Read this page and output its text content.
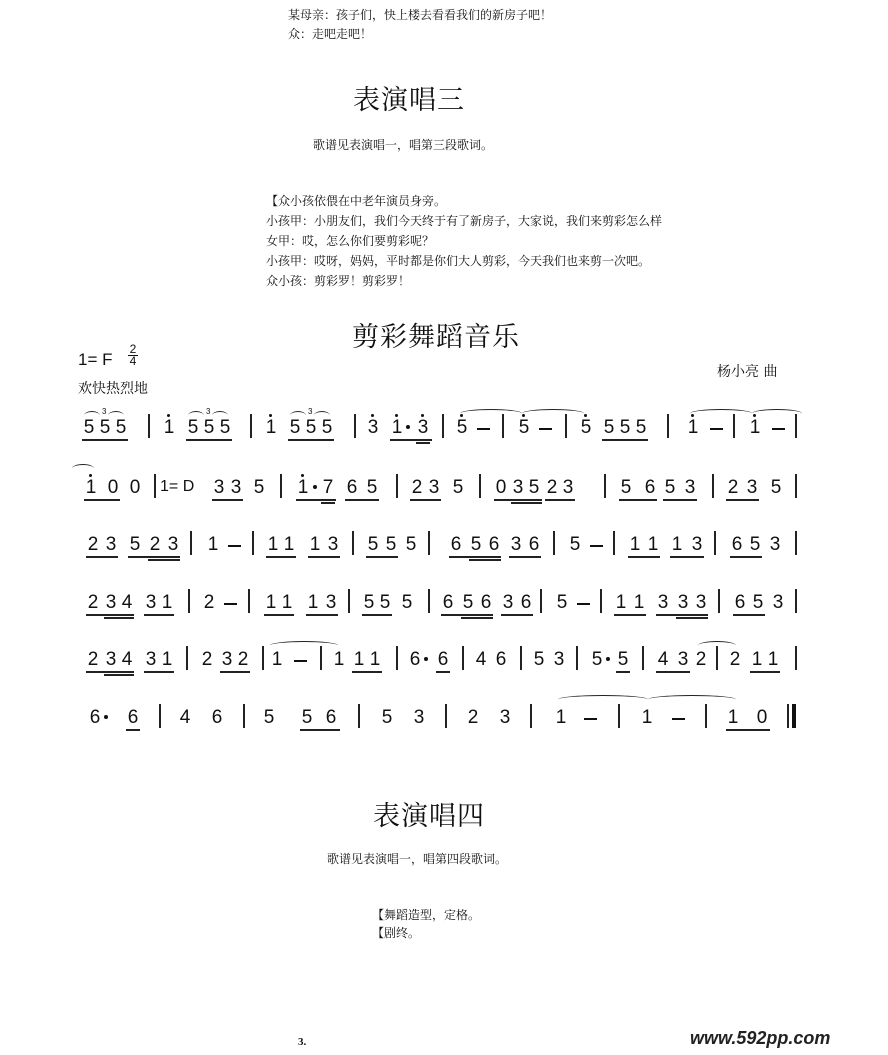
某母亲：孩子们，快上楼去看看我们的新房子吧！
众：走吧走吧！
表演唱三
歌谱见表演唱一，唱第三段歌词。
【众小孩依偎在中老年演员身旁。
小孩甲：小朋友们，我们今天终于有了新房子，大家说，我们来剪彩怎么样
女甲：哎，怎么你们要剪彩呢？
小孩甲：哎呀，妈妈，平时都是你们大人剪彩，今天我们也来剪一次吧。
众小孩：剪彩罗！剪彩罗！
剪彩舞蹈音乐
1= F
2
4
欢快热烈地
杨小亮 曲
3
5 5 5 1
3
5 5 5 1
3
5 5 5 3 1 3 5	5	5 5 5 5 1	1
1 0 0 1= D 3 3 5 1 7 6 5 2 3 5 0 3 5 2 3 5 6 5 3 2 3 5
2 3 5 2 3 1	1 1 1 3 5 5 5 6 5 6 3 6 5	1 1 1 3 6 5 3
2 3 4 3 1 2	1 1 1 3 5 5 5 6 5 6 3 6 5	1 1 3 3 3 6 5 3
2 3 4 3 1 2 3 2 1	1 1 1 6 6 4 6 5 3 5 5 4 3 2 2 1 1
6 6 4 6 5 5 6 5 3 2 3 1	1	1 0
表演唱四
歌谱见表演唱一，唱第四段歌词。
【舞蹈造型，定格。
【剧终。
3.	www.592pp.com
